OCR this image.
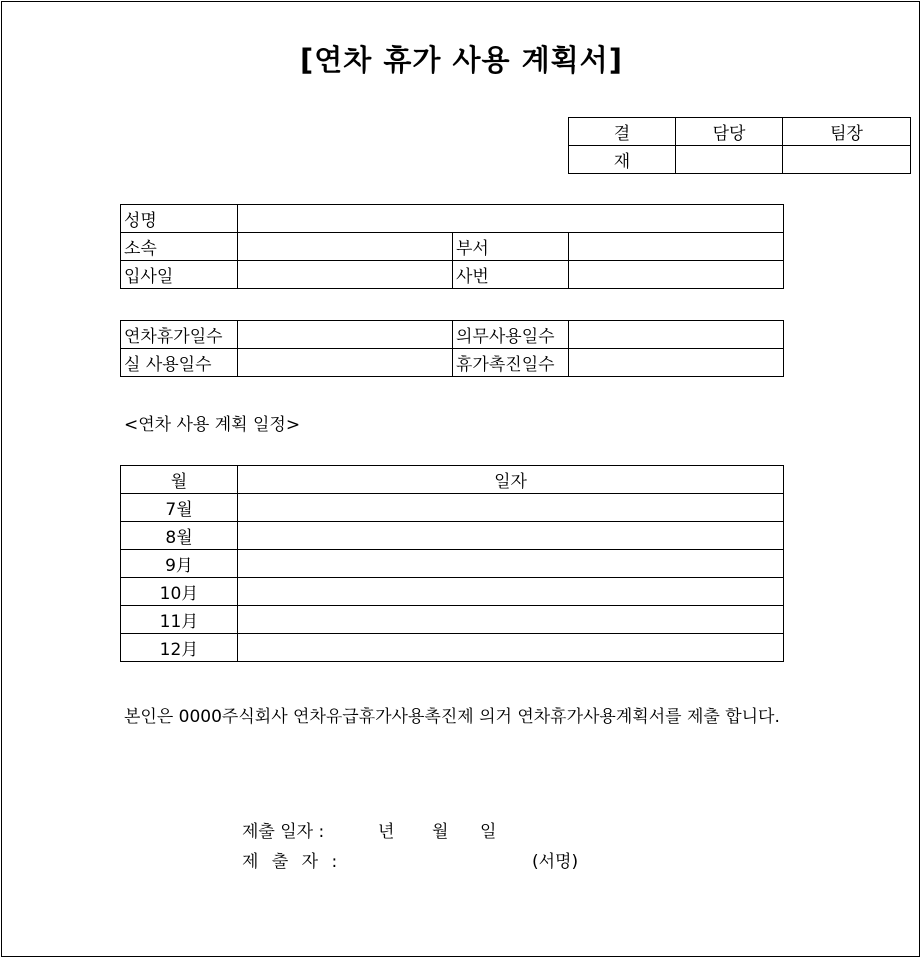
[연차 휴가 사용 계획서]
결	담당	팀장
재		
성명			
소속		부서	
입사일		사번	
연차휴가일수		의무사용일수	
실 사용일수		휴가촉진일수	
<연차 사용 계획 일정>
월	일자
7월	
8월	
9月	
10月	
11月	
12月	
본인은 0000주식회사 연차유급휴가사용촉진제 의거 연차휴가사용계획서를 제출 합니다.
제출 일자 :	년 월 일
제 출 자 :	(서명)
